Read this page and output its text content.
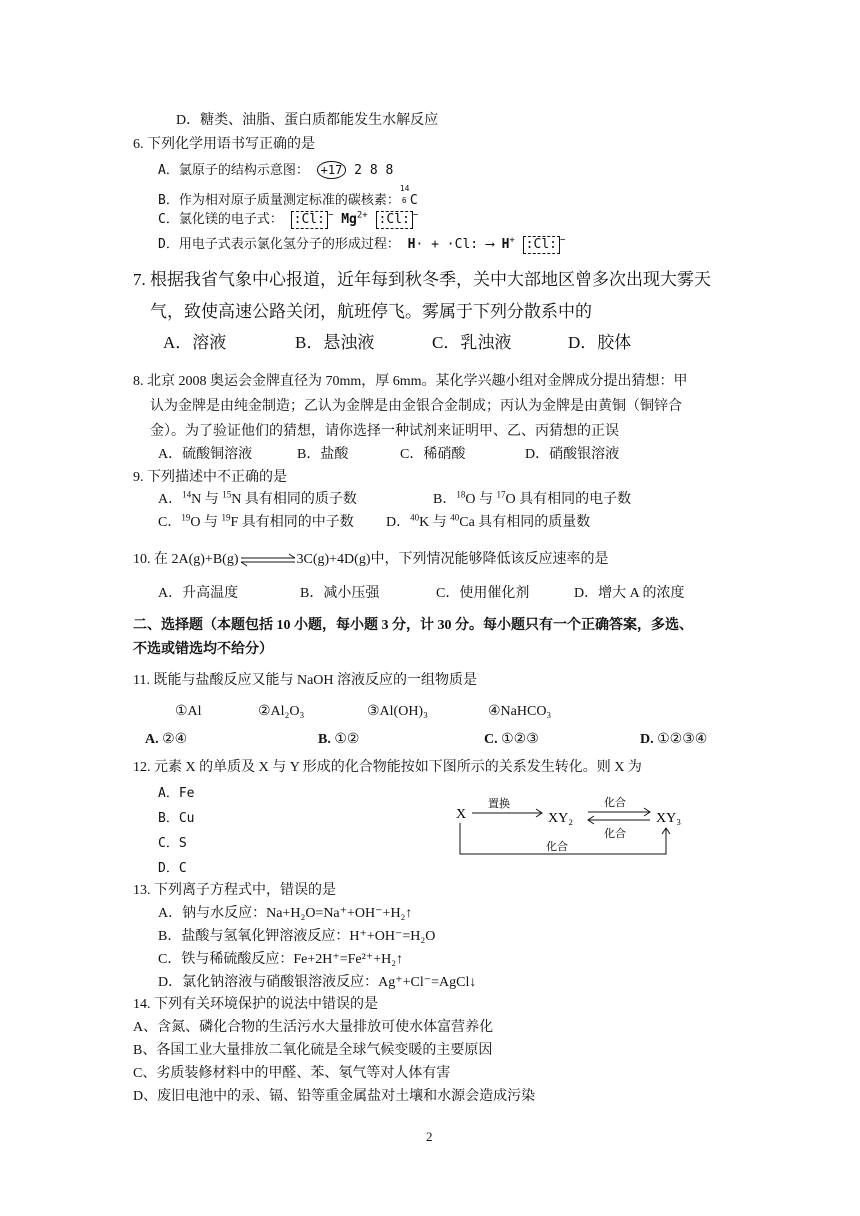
D．糖类、油脂、蛋白质都能发生水解反应
6. 下列化学用语书写正确的是
A．氯原子的结构示意图： +17 2 8 8
B．作为相对原子质量测定标准的碳核素：
14
6 C
C．氯化镁的电子式： :Cl: − $Mg^{2+}$ :Cl: −
D．用电子式表示氯化氢分子的形成过程： H· + ·Cl: ⟶ H+ :Cl: −
7. 根据我省气象中心报道，近年每到秋冬季，关中大部地区曾多次出现大雾天
气，致使高速公路关闭，航班停飞。雾属于下列分散系中的
A．溶液	B．悬浊液	C．乳浊液	D．胶体
8. 北京 2008 奥运会金牌直径为 70mm，厚 6mm。某化学兴趣小组对金牌成分提出猜想：甲
认为金牌是由纯金制造；乙认为金牌是由金银合金制成；丙认为金牌是由黄铜（铜锌合
金）。为了验证他们的猜想，请你选择一种试剂来证明甲、乙、丙猜想的正误
A．硫酸铜溶液	B．盐酸	C．稀硝酸	D．硝酸银溶液
9. 下列描述中不正确的是
A．$^{14}$N 与 $^{15}$N 具有相同的质子数	B．$^{18}$O 与 $^{17}$O 具有相同的电子数
C．$^{19}$O 与 $^{19}$F 具有相同的中子数 D．$^{40}$K 与 $^{40}$Ca 具有相同的质量数
10. 在 2A(g)+B(g)	3C(g)+4D(g)中，下列情况能够降低该反应速率的是
A．升高温度	B．减小压强	C．使用催化剂	D．增大 A 的浓度
二、选择题（本题包括 10 小题，每小题 3 分，计 30 分。每小题只有一个正确答案，多选、
不选或错选均不给分）
11. 既能与盐酸反应又能与 NaOH 溶液反应的一组物质是
①Al	②Al₂O₃	③Al(OH)₃	④NaHCO₃
A. ②④	B. ①②	C. ①②③	D. ①②③④
12. 元素 X 的单质及 X 与 Y 形成的化合物能按如下图所示的关系发生转化。则 X 为
A．Fe
B．Cu
C．S
D．C
X	XY₂	XY₃
置换	化合
化合
化合
13. 下列离子方程式中，错误的是
A．钠与水反应：Na+H₂O=Na⁺+OH⁻+H₂↑
B．盐酸与氢氧化钾溶液反应：H⁺+OH⁻=H₂O
C．铁与稀硫酸反应：Fe+2H⁺=Fe²⁺+H₂↑
D．氯化钠溶液与硝酸银溶液反应：Ag⁺+Cl⁻=AgCl↓
14. 下列有关环境保护的说法中错误的是
A、含氮、磷化合物的生活污水大量排放可使水体富营养化
B、各国工业大量排放二氧化硫是全球气候变暖的主要原因
C、劣质装修材料中的甲醛、苯、氡气等对人体有害
D、废旧电池中的汞、镉、铅等重金属盐对土壤和水源会造成污染
2
